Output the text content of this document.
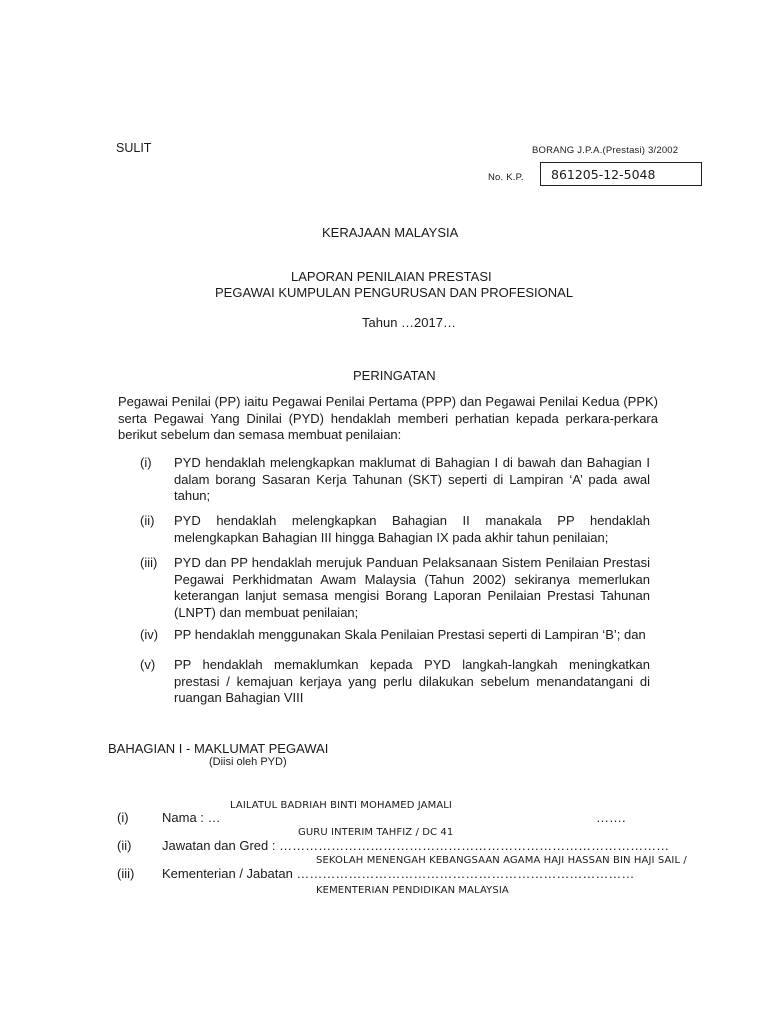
SULIT	BORANG J.P.A.(Prestasi) 3/2002
No. K.P. 861205-12-5048
KERAJAAN MALAYSIA
LAPORAN PENILAIAN PRESTASI
PEGAWAI KUMPULAN PENGURUSAN DAN PROFESIONAL
Tahun …2017…
PERINGATAN
Pegawai Penilai (PP) iaitu Pegawai Penilai Pertama (PPP) dan Pegawai Penilai Kedua (PPK) serta Pegawai Yang Dinilai (PYD) hendaklah memberi perhatian kepada perkara-perkara berikut sebelum dan semasa membuat penilaian:
(i) PYD hendaklah melengkapkan maklumat di Bahagian I di bawah dan Bahagian I dalam borang Sasaran Kerja Tahunan (SKT) seperti di Lampiran ‘A’ pada awal tahun;
(ii) PYD hendaklah melengkapkan Bahagian II manakala PP hendaklah melengkapkan Bahagian III hingga Bahagian IX pada akhir tahun penilaian;
(iii) PYD dan PP hendaklah merujuk Panduan Pelaksanaan Sistem Penilaian Prestasi Pegawai Perkhidmatan Awam Malaysia (Tahun 2002) sekiranya memerlukan keterangan lanjut semasa mengisi Borang Laporan Penilaian Prestasi Tahunan (LNPT) dan membuat penilaian;
(iv) PP hendaklah menggunakan Skala Penilaian Prestasi seperti di Lampiran ‘B’; dan
(v) PP hendaklah memaklumkan kepada PYD langkah-langkah meningkatkan prestasi / kemajuan kerjaya yang perlu dilakukan sebelum menandatangani di ruangan Bahagian VIII
BAHAGIAN I - MAKLUMAT PEGAWAI
(Diisi oleh PYD)
LAILATUL BADRIAH BINTI MOHAMED JAMALI
(i)	Nama : …	…….
GURU INTERIM TAHFIZ / DC 41
(ii) Jawatan dan Gred : ………………………………………………………………………………
SEKOLAH MENENGAH KEBANGSAAN AGAMA HAJI HASSAN BIN HAJI SAIL /
(iii) Kementerian / Jabatan ……………………………………………………………………
KEMENTERIAN PENDIDIKAN MALAYSIA
